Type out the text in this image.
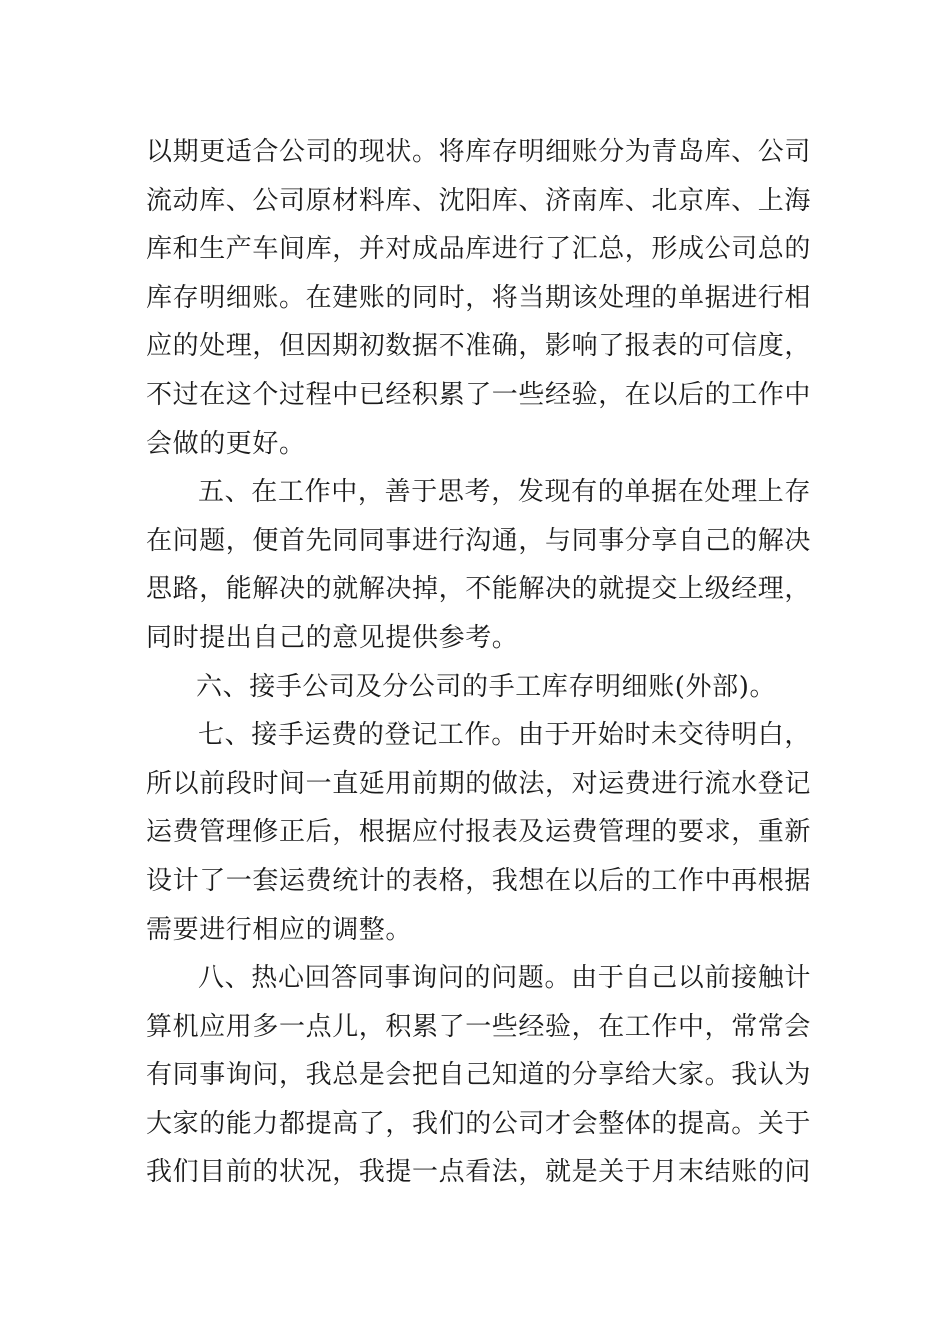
以期更适合公司的现状。将库存明细账分为青岛库、公司流动库、公司原材料库、沈阳库、济南库、北京库、上海库和生产车间库，并对成品库进行了汇总，形成公司总的库存明细账。在建账的同时，将当期该处理的单据进行相应的处理，但因期初数据不准确，影响了报表的可信度，不过在这个过程中已经积累了一些经验，在以后的工作中会做的更好。

五、在工作中，善于思考，发现有的单据在处理上存在问题，便首先同同事进行沟通，与同事分享自己的解决思路，能解决的就解决掉，不能解决的就提交上级经理，同时提出自己的意见提供参考。

六、接手公司及分公司的手工库存明细账(外部)。

七、接手运费的登记工作。由于开始时未交待明白，所以前段时间一直延用前期的做法，对运费进行流水登记运费管理修正后，根据应付报表及运费管理的要求，重新设计了一套运费统计的表格，我想在以后的工作中再根据需要进行相应的调整。

八、热心回答同事询问的问题。由于自己以前接触计算机应用多一点儿，积累了一些经验，在工作中，常常会有同事询问，我总是会把自己知道的分享给大家。我认为大家的能力都提高了，我们的公司才会整体的提高。关于我们目前的状况，我提一点看法，就是关于月末结账的问
